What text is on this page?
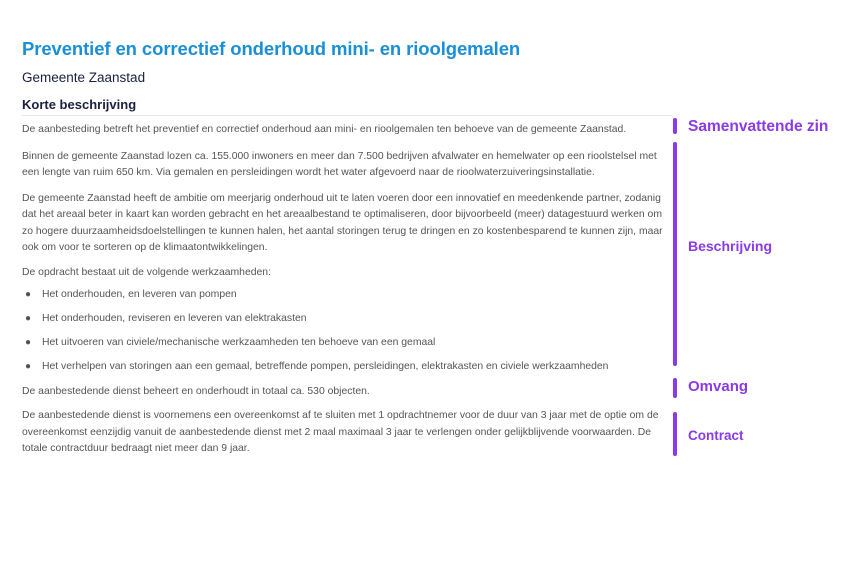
Preventief en correctief onderhoud mini- en rioolgemalen
Gemeente Zaanstad
Korte beschrijving

De aanbesteding betreft het preventief en correctief onderhoud aan mini- en rioolgemalen ten behoeve van de gemeente Zaanstad.

Binnen de gemeente Zaanstad lozen ca. 155.000 inwoners en meer dan 7.500 bedrijven afvalwater en hemelwater op een rioolstelsel met een lengte van ruim 650 km. Via gemalen en persleidingen wordt het water afgevoerd naar de rioolwaterzuiveringsinstallatie.

De gemeente Zaanstad heeft de ambitie om meerjarig onderhoud uit te laten voeren door een innovatief en meedenkende partner, zodanig dat het areaal beter in kaart kan worden gebracht en het areaalbestand te optimaliseren, door bijvoorbeeld (meer) datagestuurd werken om zo hogere duurzaamheidsdoelstellingen te kunnen halen, het aantal storingen terug te dringen en zo kostenbesparend te kunnen zijn, maar ook om voor te sorteren op de klimaatontwikkelingen.

De opdracht bestaat uit de volgende werkzaamheden:

● Het onderhouden, en leveren van pompen
● Het onderhouden, reviseren en leveren van elektrakasten
● Het uitvoeren van civiele/mechanische werkzaamheden ten behoeve van een gemaal
● Het verhelpen van storingen aan een gemaal, betreffende pompen, persleidingen, elektrakasten en civiele werkzaamheden

De aanbestedende dienst beheert en onderhoudt in totaal ca. 530 objecten.

De aanbestedende dienst is voornemens een overeenkomst af te sluiten met 1 opdrachtnemer voor de duur van 3 jaar met de optie om de overeenkomst eenzijdig vanuit de aanbestedende dienst met 2 maal maximaal 3 jaar te verlengen onder gelijkblijvende voorwaarden. De totale contractduur bedraagt niet meer dan 9 jaar.

Samenvattende zin
Beschrijving
Omvang
Contract
